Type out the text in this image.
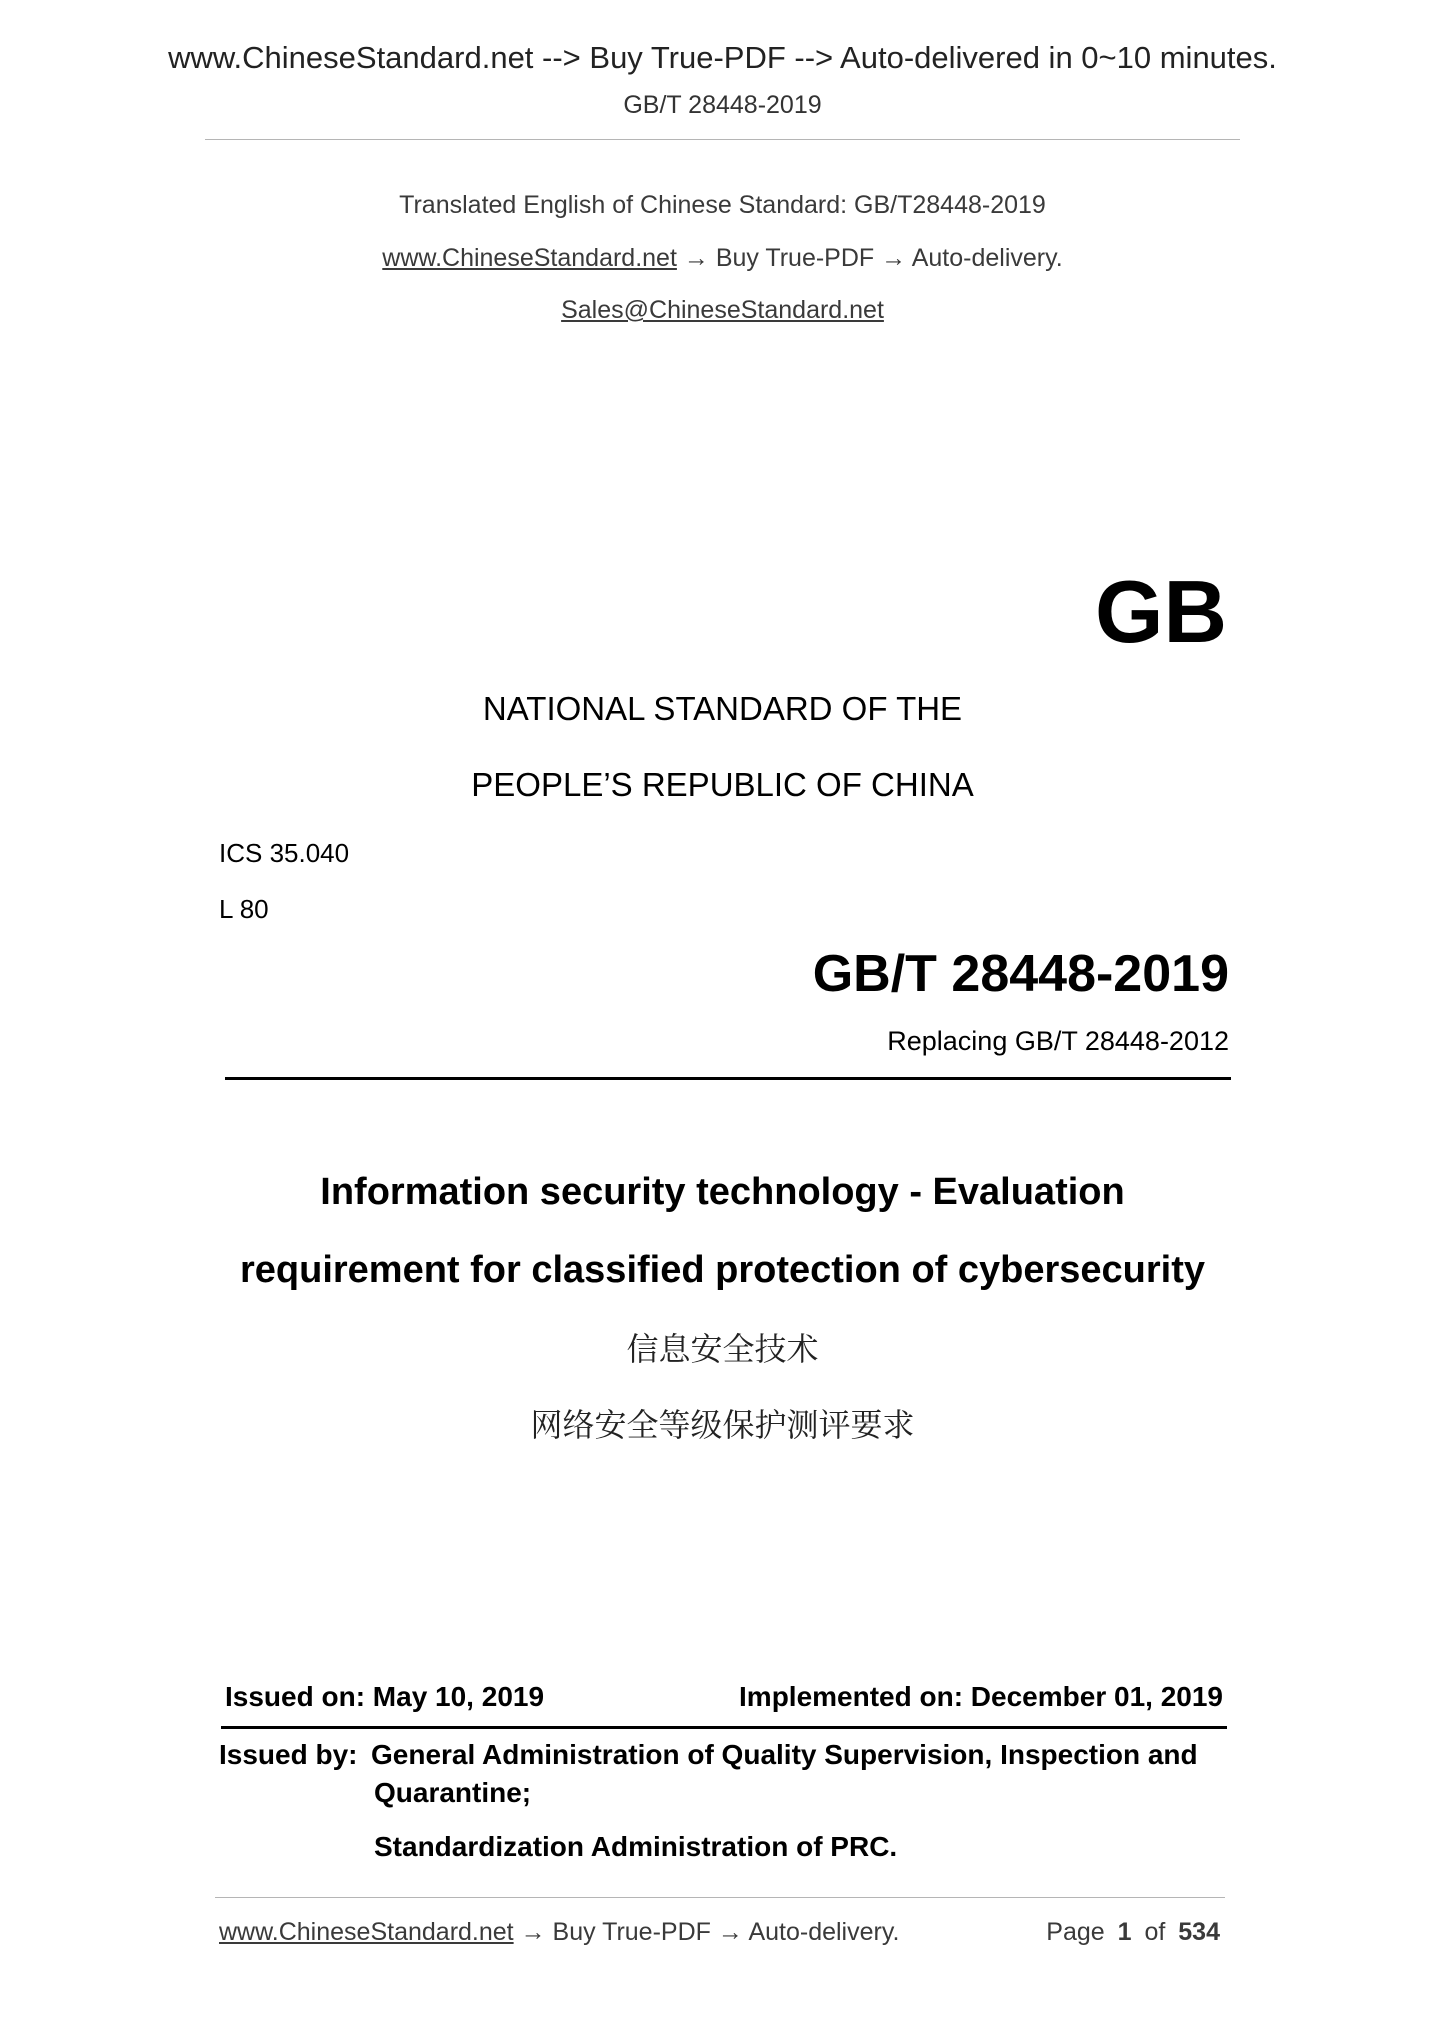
www.ChineseStandard.net --> Buy True-PDF --> Auto-delivered in 0~10 minutes.
GB/T 28448-2019
Translated English of Chinese Standard: GB/T28448-2019
www.ChineseStandard.net → Buy True-PDF → Auto-delivery.
Sales@ChineseStandard.net
GB
NATIONAL STANDARD OF THE
PEOPLE’S REPUBLIC OF CHINA
ICS 35.040
L 80
GB/T 28448-2019
Replacing GB/T 28448-2012
Information security technology - Evaluation
requirement for classified protection of cybersecurity
信息安全技术
网络安全等级保护测评要求
Issued on: May 10, 2019	Implemented on: December 01, 2019
Issued by: General Administration of Quality Supervision, Inspection and
Quarantine;
Standardization Administration of PRC.
www.ChineseStandard.net → Buy True-PDF → Auto-delivery.	Page 1 of 534
